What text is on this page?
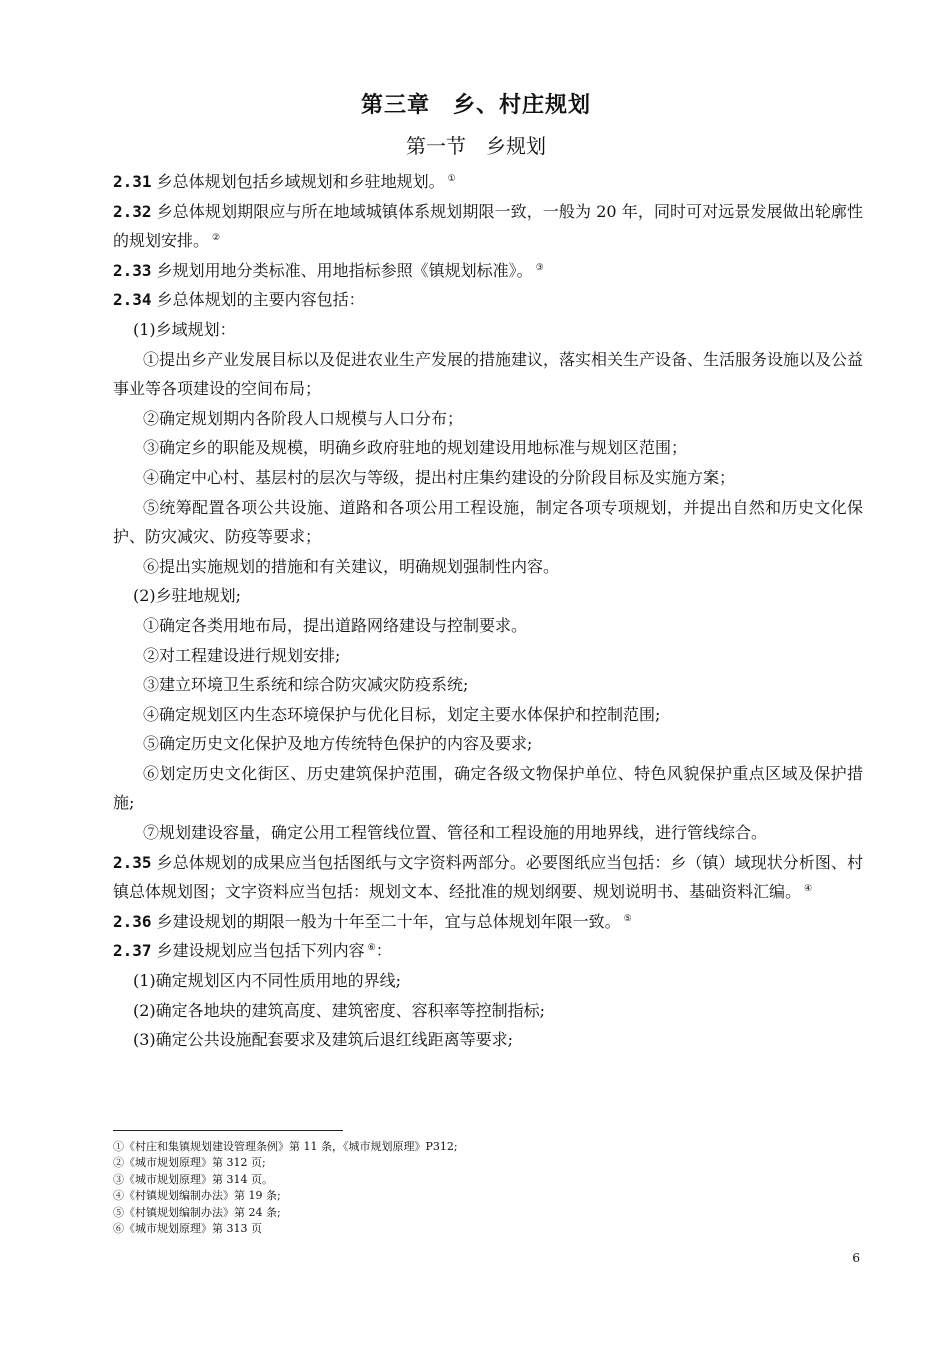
第三章　乡、村庄规划
第一节　乡规划

2.31 乡总体规划包括乡域规划和乡驻地规划。 ①

2.32 乡总体规划期限应与所在地域城镇体系规划期限一致，一般为 20 年，同时可对远景发展做出轮廓性的规划安排。 ②

2.33 乡规划用地分类标准、用地指标参照《镇规划标准》。 ③

2.34 乡总体规划的主要内容包括：

(1)乡域规划：

①提出乡产业发展目标以及促进农业生产发展的措施建议，落实相关生产设备、生活服务设施以及公益事业等各项建设的空间布局；

②确定规划期内各阶段人口规模与人口分布；

③确定乡的职能及规模，明确乡政府驻地的规划建设用地标准与规划区范围；

④确定中心村、基层村的层次与等级，提出村庄集约建设的分阶段目标及实施方案；

⑤统筹配置各项公共设施、道路和各项公用工程设施，制定各项专项规划，并提出自然和历史文化保护、防灾减灾、防疫等要求；

⑥提出实施规划的措施和有关建议，明确规划强制性内容。

(2)乡驻地规划;

①确定各类用地布局，提出道路网络建设与控制要求。

②对工程建设进行规划安排;

③建立环境卫生系统和综合防灾减灾防疫系统;

④确定规划区内生态环境保护与优化目标，划定主要水体保护和控制范围;

⑤确定历史文化保护及地方传统特色保护的内容及要求;

⑥划定历史文化街区、历史建筑保护范围，确定各级文物保护单位、特色风貌保护重点区域及保护措施;

⑦规划建设容量，确定公用工程管线位置、管径和工程设施的用地界线，进行管线综合。

2.35 乡总体规划的成果应当包括图纸与文字资料两部分。必要图纸应当包括：乡（镇）域现状分析图、村镇总体规划图；文字资料应当包括：规划文本、经批准的规划纲要、规划说明书、基础资料汇编。 ④

2.36 乡建设规划的期限一般为十年至二十年，宜与总体规划年限一致。 ⑤

2.37 乡建设规划应当包括下列内容 ⑥：

(1)确定规划区内不同性质用地的界线;

(2)确定各地块的建筑高度、建筑密度、容积率等控制指标;

(3)确定公共设施配套要求及建筑后退红线距离等要求;

①《村庄和集镇规划建设管理条例》第 11 条，《城市规划原理》P312;
②《城市规划原理》第 312 页;
③《城市规划原理》第 314 页。
④《村镇规划编制办法》第 19 条;
⑤《村镇规划编制办法》第 24 条;
⑥《城市规划原理》第 313 页
6
